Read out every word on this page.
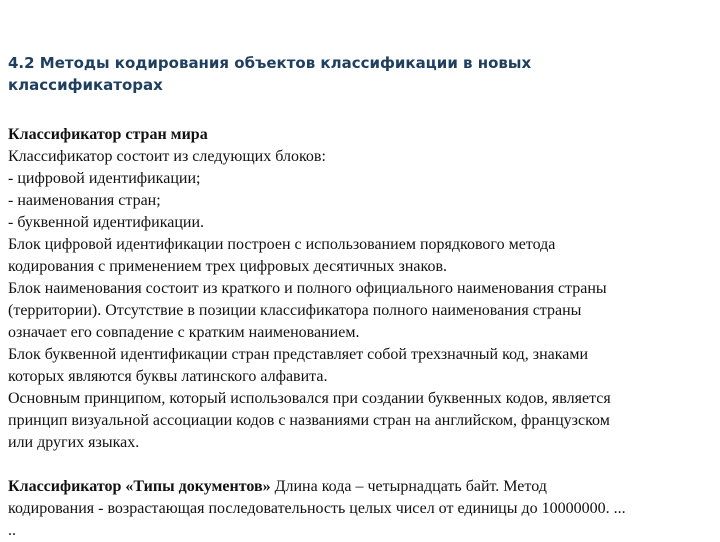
4.2 Методы кодирования объектов классификации в новых
классификаторах
Классификатор стран мира
Классификатор состоит из следующих блоков:
- цифровой идентификации;
- наименования стран;
- буквенной идентификации.
Блок цифровой идентификации построен с использованием порядкового метода
кодирования с применением трех цифровых десятичных знаков.
Блок наименования состоит из краткого и полного официального наименования страны
(территории). Отсутствие в позиции классификатора полного наименования страны
означает его совпадение с кратким наименованием.
Блок буквенной идентификации стран представляет собой трехзначный код, знаками
которых являются буквы латинского алфавита.
Основным принципом, который использовался при создании буквенных кодов, является
принцип визуальной ассоциации кодов с названиями стран на английском, французском
или других языках.
Классификатор «Типы документов» Длина кода – четырнадцать байт. Метод
кодирования - возрастающая последовательность целых чисел от единицы до 10000000. ...
..
